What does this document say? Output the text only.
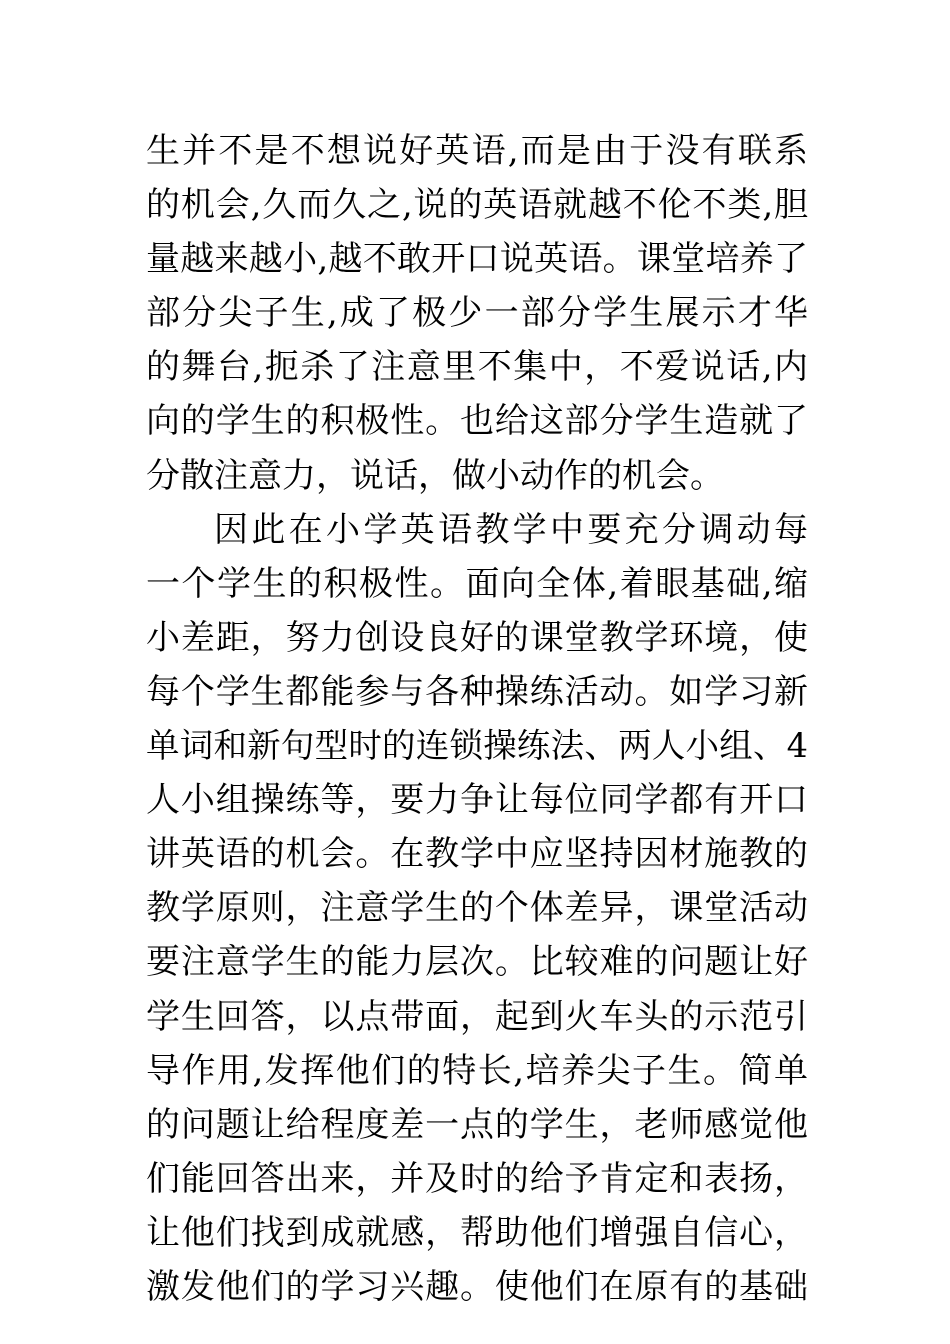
生并不是不想说好英语,而是由于没有联系
的机会,久而久之,说的英语就越不伦不类,胆
量越来越小,越不敢开口说英语。课堂培养了
部分尖子生,成了极少一部分学生展示才华
的舞台,扼杀了注意里不集中，不爱说话,内
向的学生的积极性。也给这部分学生造就了
分散注意力，说话，做小动作的机会。
因此在小学英语教学中要充分调动每
一个学生的积极性。面向全体,着眼基础,缩
小差距，努力创设良好的课堂教学环境，使
每个学生都能参与各种操练活动。如学习新
单词和新句型时的连锁操练法、两人小组、4
人小组操练等，要力争让每位同学都有开口
讲英语的机会。在教学中应坚持因材施教的
教学原则，注意学生的个体差异，课堂活动
要注意学生的能力层次。比较难的问题让好
学生回答，以点带面，起到火车头的示范引
导作用,发挥他们的特长,培养尖子生。简单
的问题让给程度差一点的学生，老师感觉他
们能回答出来，并及时的给予肯定和表扬，
让他们找到成就感，帮助他们增强自信心，
激发他们的学习兴趣。使他们在原有的基础
